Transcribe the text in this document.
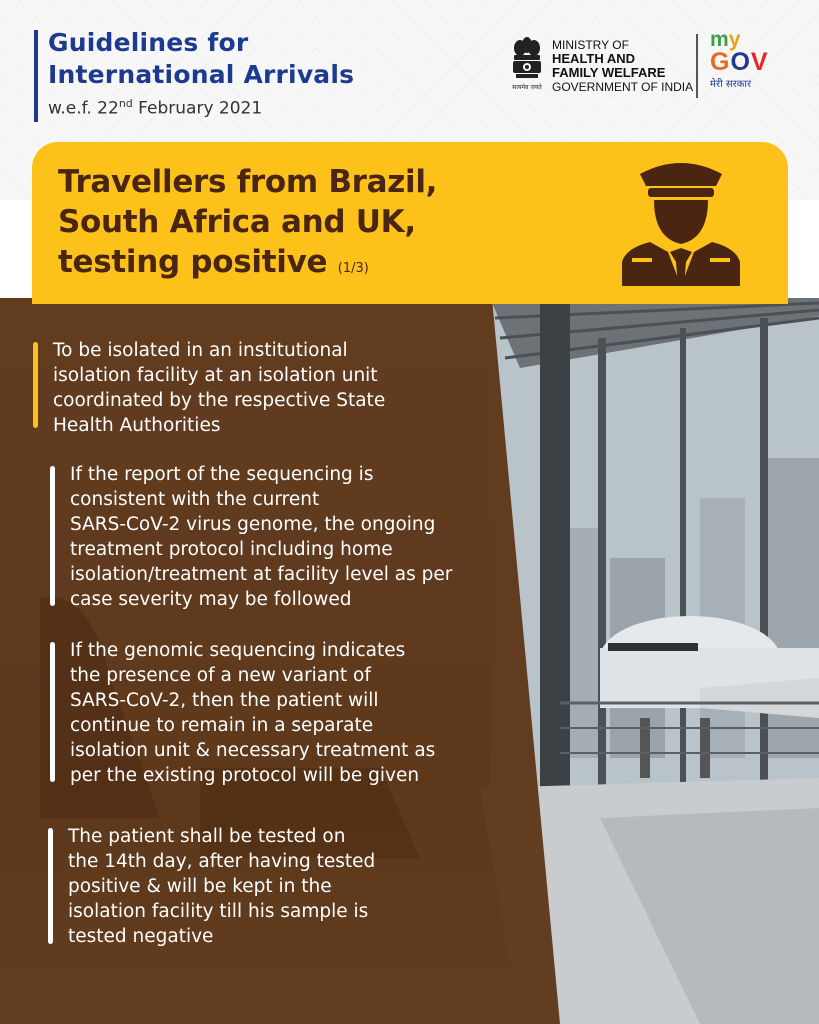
Guidelines for
International Arrivals
w.e.f. 22nd February 2021
सत्यमेव जयते
MINISTRY OF
HEALTH AND
FAMILY WELFARE
GOVERNMENT OF INDIA
my
GOV
मेरी सरकार
To be isolated in an institutional
isolation facility at an isolation unit
coordinated by the respective State
Health Authorities
If the report of the sequencing is
consistent with the current
SARS-CoV-2 virus genome, the ongoing
treatment protocol including home
isolation/treatment at facility level as per
case severity may be followed
If the genomic sequencing indicates
the presence of a new variant of
SARS-CoV-2, then the patient will
continue to remain in a separate
isolation unit & necessary treatment as
per the existing protocol will be given
The patient shall be tested on
the 14th day, after having tested
positive & will be kept in the
isolation facility till his sample is
tested negative
Travellers from Brazil,
South Africa and UK,
testing positive (1/3)
